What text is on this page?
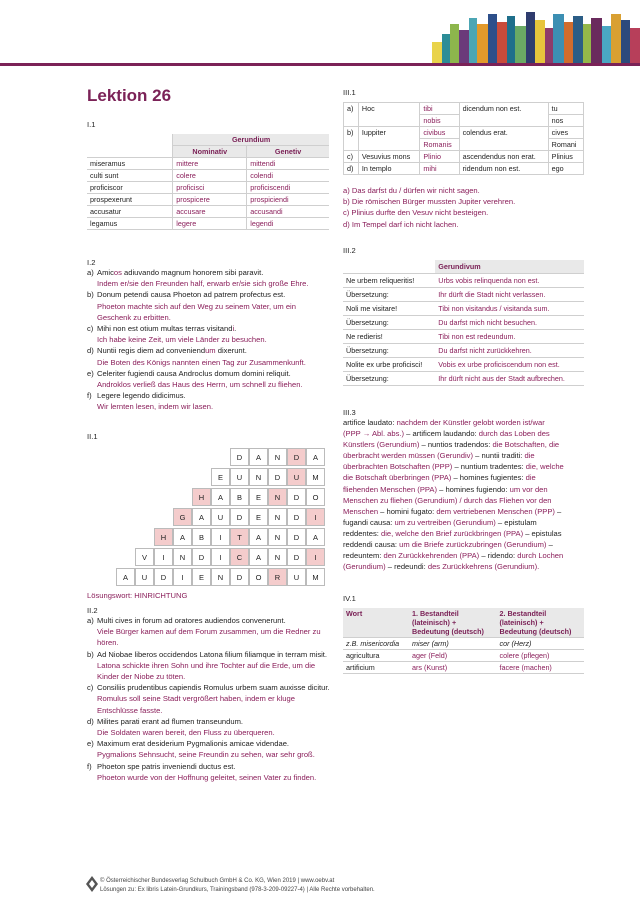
Lektion 26
I.1
	Gerundium	
	Nominativ	Genetiv
miseramus	mittere	mittendi
culti sunt	colere	colendi
proficiscor	proficisci	proficiscendi
prospexerunt	prospicere	prospiciendi
accusatur	accusare	accusandi
legamus	legere	legendi
I.2
a) Amicos adiuvando magnum honorem sibi paravit.
Indem er/sie den Freunden half, erwarb er/sie sich große Ehre.
b) Donum petendi causa Phoeton ad patrem profectus est.
Phoeton machte sich auf den Weg zu seinem Vater, um ein Geschenk zu erbitten.
c) Mihi non est otium multas terras visitandi.
Ich habe keine Zeit, um viele Länder zu besuchen.
d) Nuntii regis diem ad conveniendum dixerunt.
Die Boten des Königs nannten einen Tag zur Zusammenkunft.
e) Celeriter fugiendi causa Androclus domum domini reliquit.
Androklos verließ das Haus des Herrn, um schnell zu fliehen.
f) Legere legendo didicimus.
Wir lernten lesen, indem wir lasen.
II.1
D	A	N	D	A
E	U	N	D	U	M
H	A	B	E	N	D	O
G	A	U	D	E	N	D	I
H	A	B	I	T	A	N	D	A
V	I	N	D	I	C	A	N	D	I
A	U	D	I	E	N	D	O	R	U	M
Lösungswort: HINRICHTUNG
II.2
a) Multi cives in forum ad oratores audiendos convenerunt.
Viele Bürger kamen auf dem Forum zusammen, um die Redner zu hören.
b) Ad Niobae liberos occidendos Latona filium filiamque in terram misit.
Latona schickte ihren Sohn und ihre Tochter auf die Erde, um die Kinder der Niobe zu töten.
c) Consiliis prudentibus capiendis Romulus urbem suam auxisse dicitur.
Romulus soll seine Stadt vergrößert haben, indem er kluge Entschlüsse fasste.
d) Milites parati erant ad flumen transeundum.
Die Soldaten waren bereit, den Fluss zu überqueren.
e) Maximum erat desiderium Pygmalionis amicae videndae.
Pygmalions Sehnsucht, seine Freundin zu sehen, war sehr groß.
f) Phoeton spe patris inveniendi ductus est.
Phoeton wurde von der Hoffnung geleitet, seinen Vater zu finden.
III.1
a)	Hoc	tibi	dicendum non est.	tu
		nobis		nos
b)	Iuppiter	civibus	colendus erat.	cives
		Romanis		Romani
c)	Vesuvius mons	Plinio	ascendendus non erat.	Plinius
d)	In templo	mihi	ridendum non est.	ego
a) Das darfst du / dürfen wir nicht sagen.
b) Die römischen Bürger mussten Jupiter verehren.
c) Plinius durfte den Vesuv nicht besteigen.
d) Im Tempel darf ich nicht lachen.
III.2
	Gerundivum
Ne urbem reliqueritis!	Urbs vobis relinquenda non est.
Übersetzung:	Ihr dürft die Stadt nicht verlassen.
Noli me visitare!	Tibi non visitandus / visitanda sum.
Übersetzung:	Du darfst mich nicht besuchen.
Ne redieris!	Tibi non est redeundum.
Übersetzung:	Du darfst nicht zurückkehren.
Nolite ex urbe proficisci!	Vobis ex urbe proficiscendum non est.
Übersetzung:	Ihr dürft nicht aus der Stadt aufbrechen.
III.3
artifice laudato: nachdem der Künstler gelobt worden ist/war
(PPP → Abl. abs.) – artificem laudando: durch das Loben des
Künstlers (Gerundium) – nuntios tradendos: die Botschaften, die
überbracht werden müssen (Gerundiv) – nuntii traditi: die
überbrachten Botschaften (PPP) – nuntium tradentes: die, welche
die Botschaft überbringen (PPA) – homines fugientes: die
fliehenden Menschen (PPA) – homines fugiendo: um vor den
Menschen zu fliehen (Gerundium) / durch das Fliehen vor den
Menschen – homini fugato: dem vertriebenen Menschen (PPP) –
fugandi causa: um zu vertreiben (Gerundium) – epistulam
reddentes: die, welche den Brief zurückbringen (PPA) – epistulas
reddendi causa: um die Briefe zurückzubringen (Gerundium) –
redeuntem: den Zurückkehrenden (PPA) – ridendo: durch Lochen
(Gerundium) – redeundi: des Zurückkehrens (Gerundium).
IV.1
Wort	1. Bestandteil (lateinisch) + Bedeutung (deutsch)	2. Bestandteil (lateinisch) + Bedeutung (deutsch)
z.B. misericordia	miser (arm)	cor (Herz)
agricultura	ager (Feld)	colere (pflegen)
artificium	ars (Kunst)	facere (machen)
© Österreichischer Bundesverlag Schulbuch GmbH & Co. KG, Wien 2019 | www.oebv.at
Lösungen zu: Ex libris Latein-Grundkurs, Trainingsband (978-3-209-09227-4) | Alle Rechte vorbehalten.
